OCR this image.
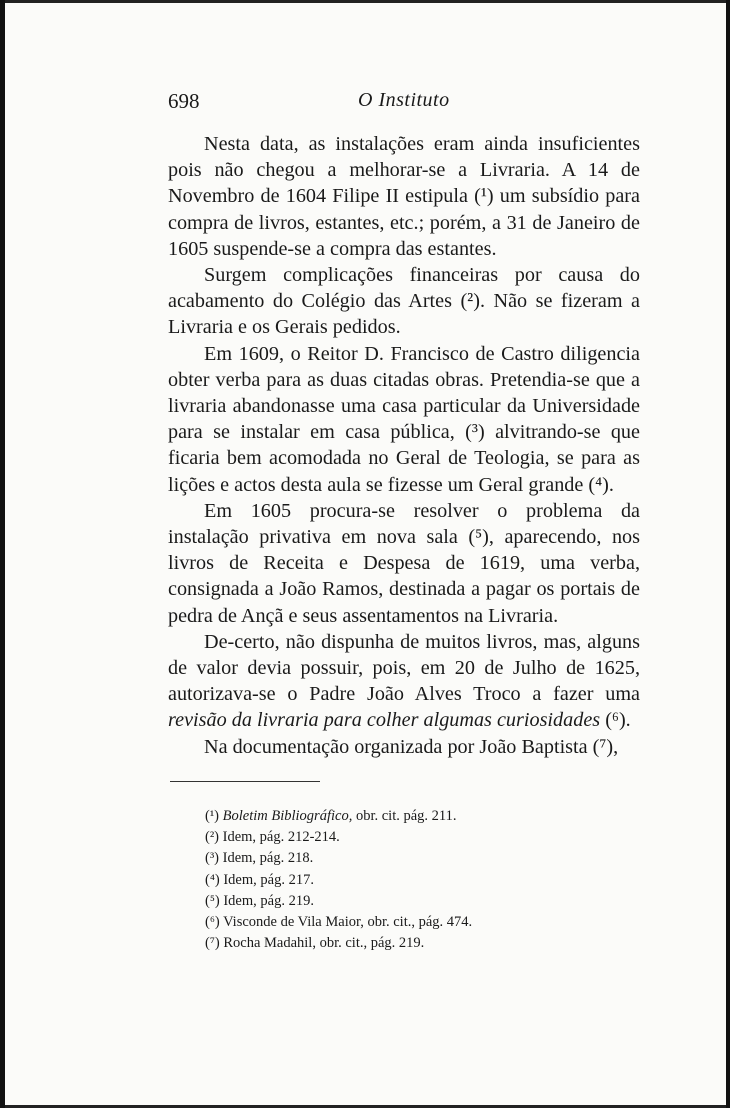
698	O Instituto

Nesta data, as instalações eram ainda insuficientes pois não chegou a melhorar-se a Livraria. A 14 de Novembro de 1604 Filipe II estipula (¹) um subsídio para compra de livros, estantes, etc.; porém, a 31 de Janeiro de 1605 suspende-se a compra das estantes.

Surgem complicações financeiras por causa do acabamento do Colégio das Artes (²). Não se fizeram a Livraria e os Gerais pedidos.

Em 1609, o Reitor D. Francisco de Castro diligencia obter verba para as duas citadas obras. Pretendia-se que a livraria abandonasse uma casa particular da Universidade para se instalar em casa pública, (³) alvitrando-se que ficaria bem acomodada no Geral de Teologia, se para as lições e actos desta aula se fizesse um Geral grande (⁴).

Em 1605 procura-se resolver o problema da instalação privativa em nova sala (⁵), aparecendo, nos livros de Receita e Despesa de 1619, uma verba, consignada a João Ramos, destinada a pagar os portais de pedra de Ançã e seus assentamentos na Livraria.

De-certo, não dispunha de muitos livros, mas, alguns de valor devia possuir, pois, em 20 de Julho de 1625, autorizava-se o Padre João Alves Troco a fazer uma revisão da livraria para colher algumas curiosidades (⁶).

Na documentação organizada por João Baptista (⁷),

(¹) Boletim Bibliográfico, obr. cit. pág. 211.
(²) Idem, pág. 212-214.
(³) Idem, pág. 218.
(⁴) Idem, pág. 217.
(⁵) Idem, pág. 219.
(⁶) Visconde de Vila Maior, obr. cit., pág. 474.
(⁷) Rocha Madahil, obr. cit., pág. 219.
